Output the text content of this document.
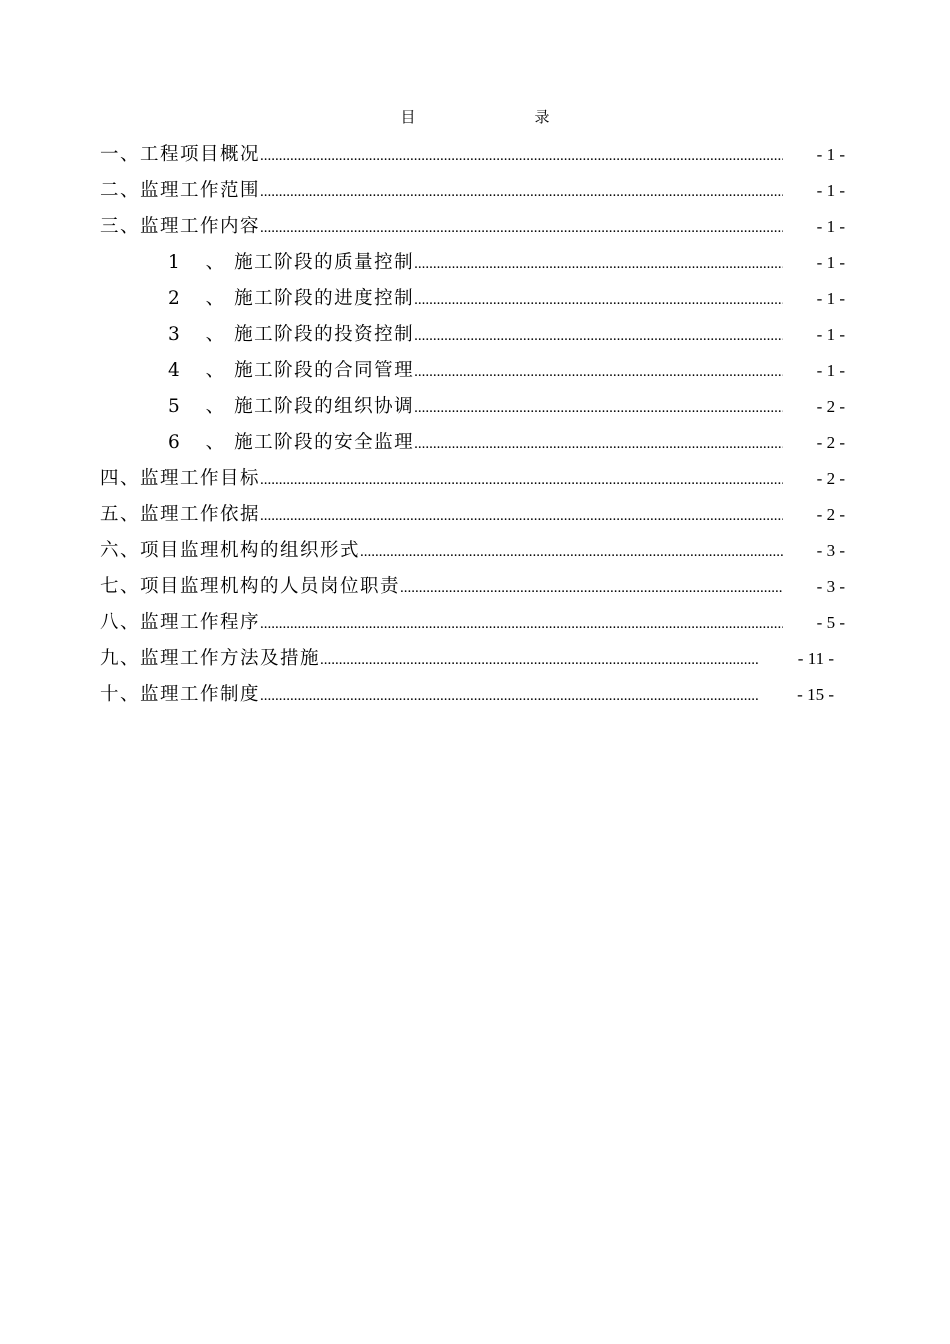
目　录
一、工程项目概况 .....	- 1 -
二、监理工作范围 .....	- 1 -
三、监理工作内容 .....	- 1 -
1 、 施工阶段的质量控制 .....	- 1 -
2 、 施工阶段的进度控制 .....	- 1 -
3 、 施工阶段的投资控制 .....	- 1 -
4 、 施工阶段的合同管理 .....	- 1 -
5 、 施工阶段的组织协调 .....	- 2 -
6 、 施工阶段的安全监理 .....	- 2 -
四、监理工作目标 .....	- 2 -
五、监理工作依据 .....	- 2 -
六、项目监理机构的组织形式 .....	- 3 -
七、项目监理机构的人员岗位职责 .....	- 3 -
八、监理工作程序 .....	- 5 -
九、监理工作方法及措施 .....	- 11 -
十、监理工作制度 .....	- 15 -
